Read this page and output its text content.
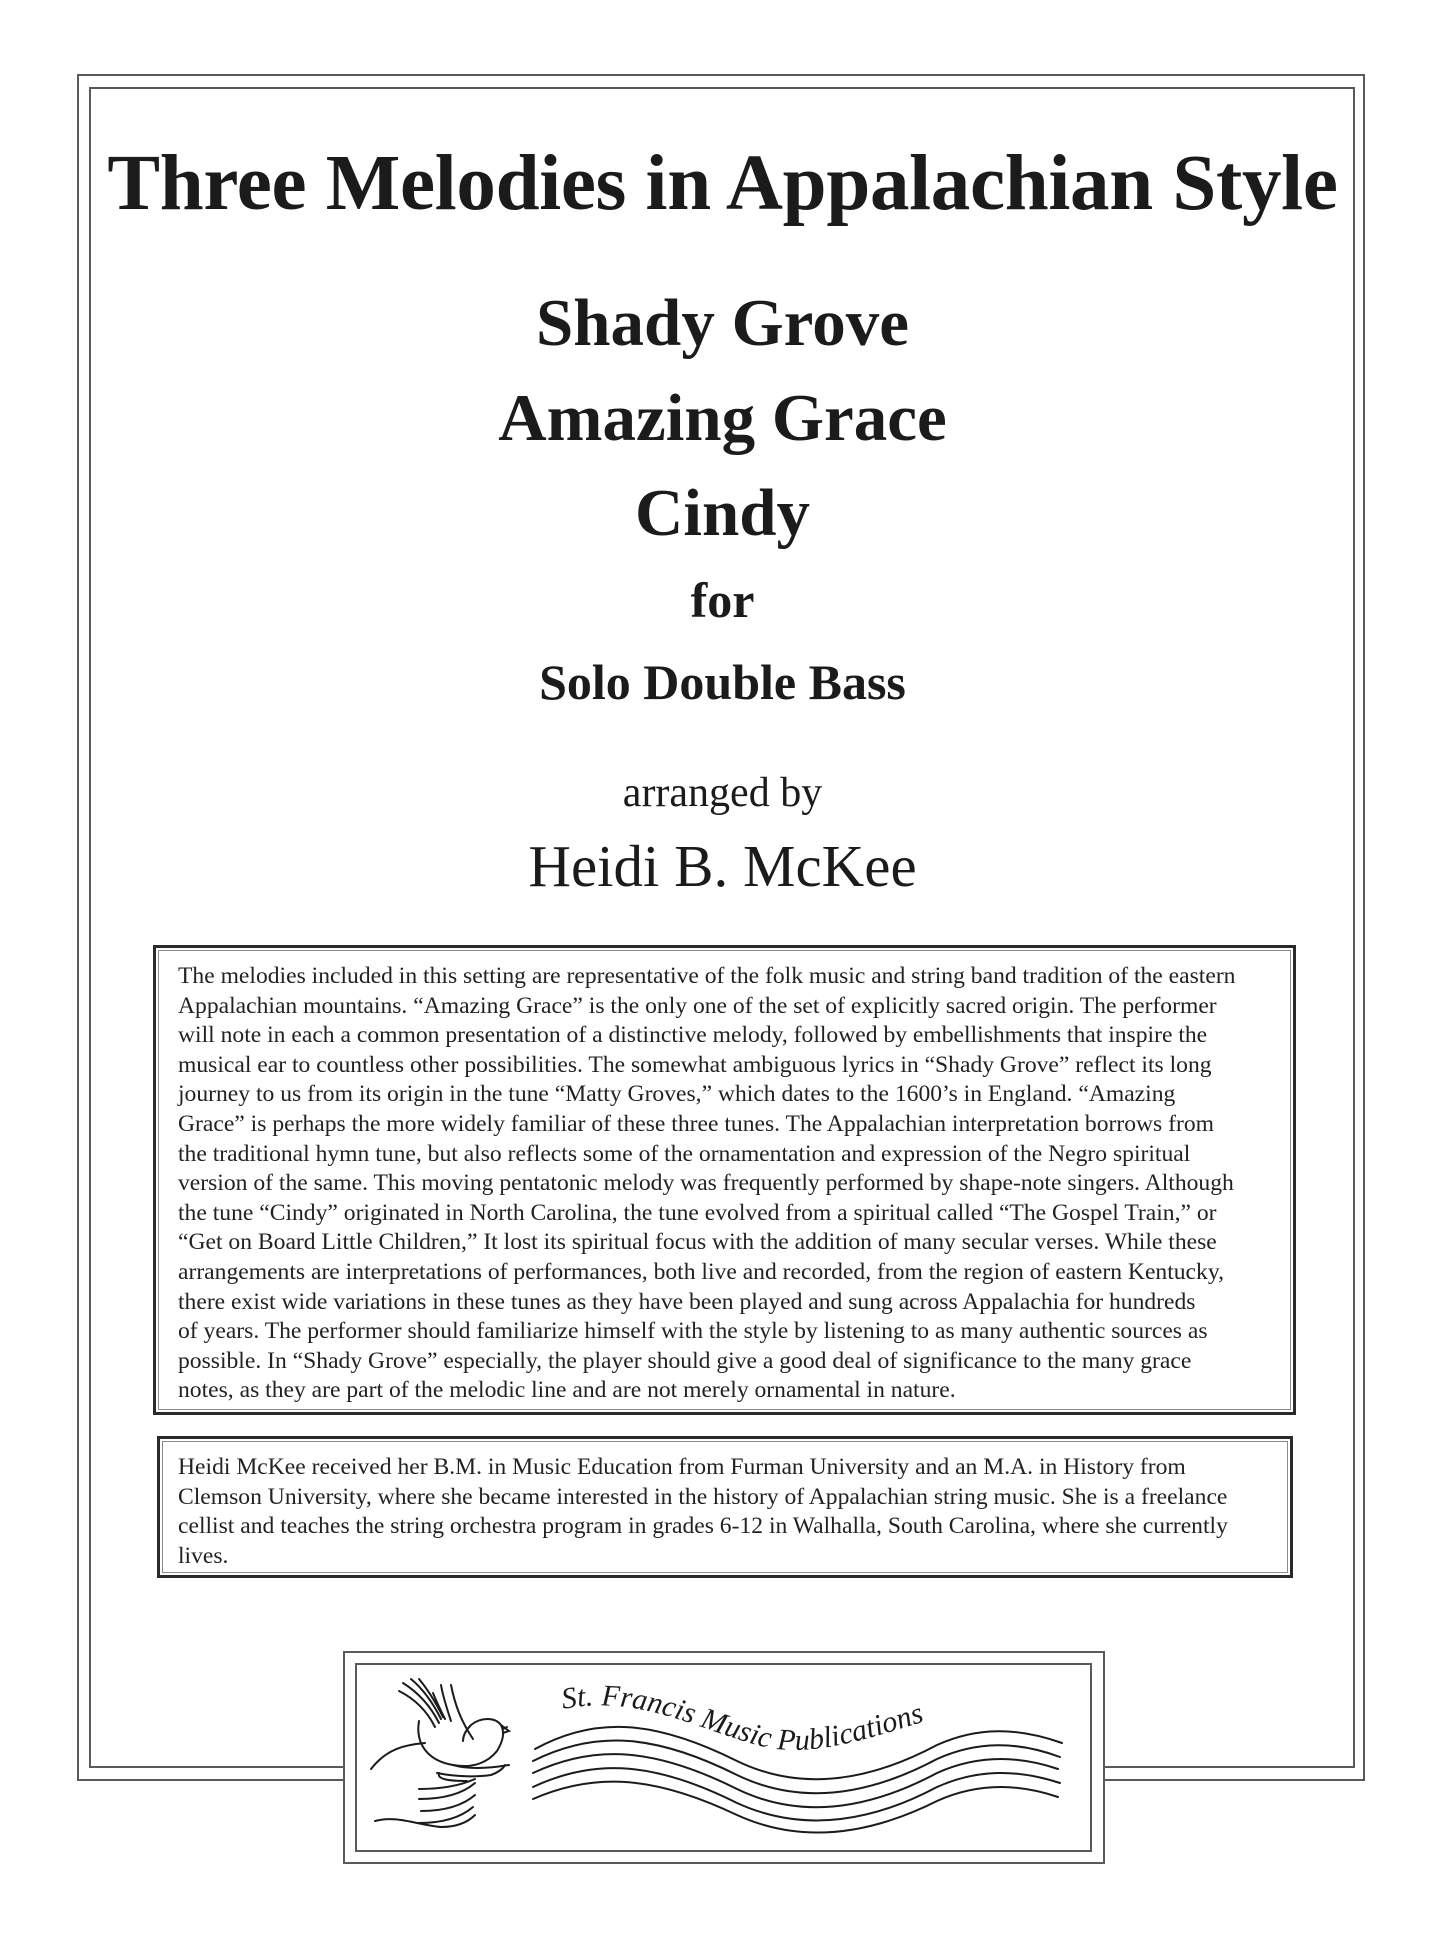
Three Melodies in Appalachian Style
Shady Grove
Amazing Grace
Cindy
for
Solo Double Bass
arranged by
Heidi B. McKee
The melodies included in this setting are representative of the folk music and string band tradition of the eastern
Appalachian mountains. “Amazing Grace” is the only one of the set of explicitly sacred origin. The performer
will note in each a common presentation of a distinctive melody, followed by embellishments that inspire the
musical ear to countless other possibilities. The somewhat ambiguous lyrics in “Shady Grove” reflect its long
journey to us from its origin in the tune “Matty Groves,” which dates to the 1600’s in England. “Amazing
Grace” is perhaps the more widely familiar of these three tunes. The Appalachian interpretation borrows from
the traditional hymn tune, but also reflects some of the ornamentation and expression of the Negro spiritual
version of the same. This moving pentatonic melody was frequently performed by shape-note singers. Although
the tune “Cindy” originated in North Carolina, the tune evolved from a spiritual called “The Gospel Train,” or
“Get on Board Little Children,” It lost its spiritual focus with the addition of many secular verses. While these
arrangements are interpretations of performances, both live and recorded, from the region of eastern Kentucky,
there exist wide variations in these tunes as they have been played and sung across Appalachia for hundreds
of years. The performer should familiarize himself with the style by listening to as many authentic sources as
possible. In “Shady Grove” especially, the player should give a good deal of significance to the many grace
notes, as they are part of the melodic line and are not merely ornamental in nature.
Heidi McKee received her B.M. in Music Education from Furman University and an M.A. in History from
Clemson University, where she became interested in the history of Appalachian string music. She is a freelance
cellist and teaches the string orchestra program in grades 6-12 in Walhalla, South Carolina, where she currently
lives.
St. Francis Music Publications
